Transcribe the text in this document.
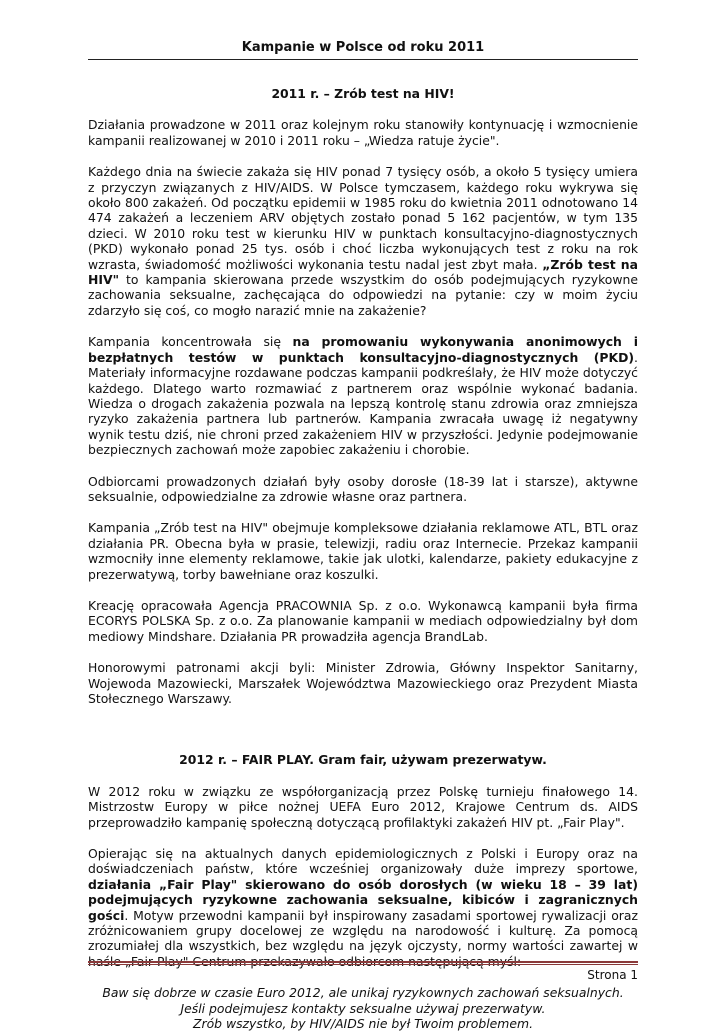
Kampanie w Polsce od roku 2011
2011 r. – Zrób test na HIV!

Działania prowadzone w 2011 oraz kolejnym roku stanowiły kontynuację i wzmocnienie kampanii realizowanej w 2010 i 2011 roku – „Wiedza ratuje życie".

Każdego dnia na świecie zakaża się HIV ponad 7 tysięcy osób, a około 5 tysięcy umiera z przyczyn związanych z HIV/AIDS. W Polsce tymczasem, każdego roku wykrywa się około 800 zakażeń. Od początku epidemii w 1985 roku do kwietnia 2011 odnotowano 14 474 zakażeń a leczeniem ARV objętych zostało ponad 5 162 pacjentów, w tym 135 dzieci. W 2010 roku test w kierunku HIV w punktach konsultacyjno-diagnostycznych (PKD) wykonało ponad 25 tys. osób i choć liczba wykonujących test z roku na rok wzrasta, świadomość możliwości wykonania testu nadal jest zbyt mała. „Zrób test na HIV" to kampania skierowana przede wszystkim do osób podejmujących ryzykowne zachowania seksualne, zachęcająca do odpowiedzi na pytanie: czy w moim życiu zdarzyło się coś, co mogło narazić mnie na zakażenie?

Kampania koncentrowała się na promowaniu wykonywania anonimowych i bezpłatnych testów w punktach konsultacyjno-diagnostycznych (PKD). Materiały informacyjne rozdawane podczas kampanii podkreślały, że HIV może dotyczyć każdego. Dlatego warto rozmawiać z partnerem oraz wspólnie wykonać badania. Wiedza o drogach zakażenia pozwala na lepszą kontrolę stanu zdrowia oraz zmniejsza ryzyko zakażenia partnera lub partnerów. Kampania zwracała uwagę iż negatywny wynik testu dziś, nie chroni przed zakażeniem HIV w przyszłości. Jedynie podejmowanie bezpiecznych zachowań może zapobiec zakażeniu i chorobie.

Odbiorcami prowadzonych działań były osoby dorosłe (18-39 lat i starsze), aktywne seksualnie, odpowiedzialne za zdrowie własne oraz partnera.

Kampania „Zrób test na HIV" obejmuje kompleksowe działania reklamowe ATL, BTL oraz działania PR. Obecna była w prasie, telewizji, radiu oraz Internecie. Przekaz kampanii wzmocniły inne elementy reklamowe, takie jak ulotki, kalendarze, pakiety edukacyjne z prezerwatywą, torby bawełniane oraz koszulki.

Kreację opracowała Agencja PRACOWNIA Sp. z o.o. Wykonawcą kampanii była firma ECORYS POLSKA Sp. z o.o. Za planowanie kampanii w mediach odpowiedzialny był dom mediowy Mindshare. Działania PR prowadziła agencja BrandLab.

Honorowymi patronami akcji byli: Minister Zdrowia, Główny Inspektor Sanitarny, Wojewoda Mazowiecki, Marszałek Województwa Mazowieckiego oraz Prezydent Miasta Stołecznego Warszawy.

2012 r. – FAIR PLAY. Gram fair, używam prezerwatyw.

W 2012 roku w związku ze współorganizacją przez Polskę turnieju finałowego 14. Mistrzostw Europy w piłce nożnej UEFA Euro 2012, Krajowe Centrum ds. AIDS przeprowadziło kampanię społeczną dotyczącą profilaktyki zakażeń HIV pt. „Fair Play".

Opierając się na aktualnych danych epidemiologicznych z Polski i Europy oraz na doświadczeniach państw, które wcześniej organizowały duże imprezy sportowe, działania „Fair Play" skierowano do osób dorosłych (w wieku 18 – 39 lat) podejmujących ryzykowne zachowania seksualne, kibiców i zagranicznych gości. Motyw przewodni kampanii był inspirowany zasadami sportowej rywalizacji oraz zróżnicowaniem grupy docelowej ze względu na narodowość i kulturę. Za pomocą zrozumiałej dla wszystkich, bez względu na język ojczysty, normy wartości zawartej w

Baw się dobrze w czasie Euro 2012, ale unikaj ryzykownych zachowań seksualnych.
Jeśli podejmujesz kontakty seksualne używaj prezerwatyw.
Zrób wszystko, by HIV/AIDS nie był Twoim problemem.
Strona 1
